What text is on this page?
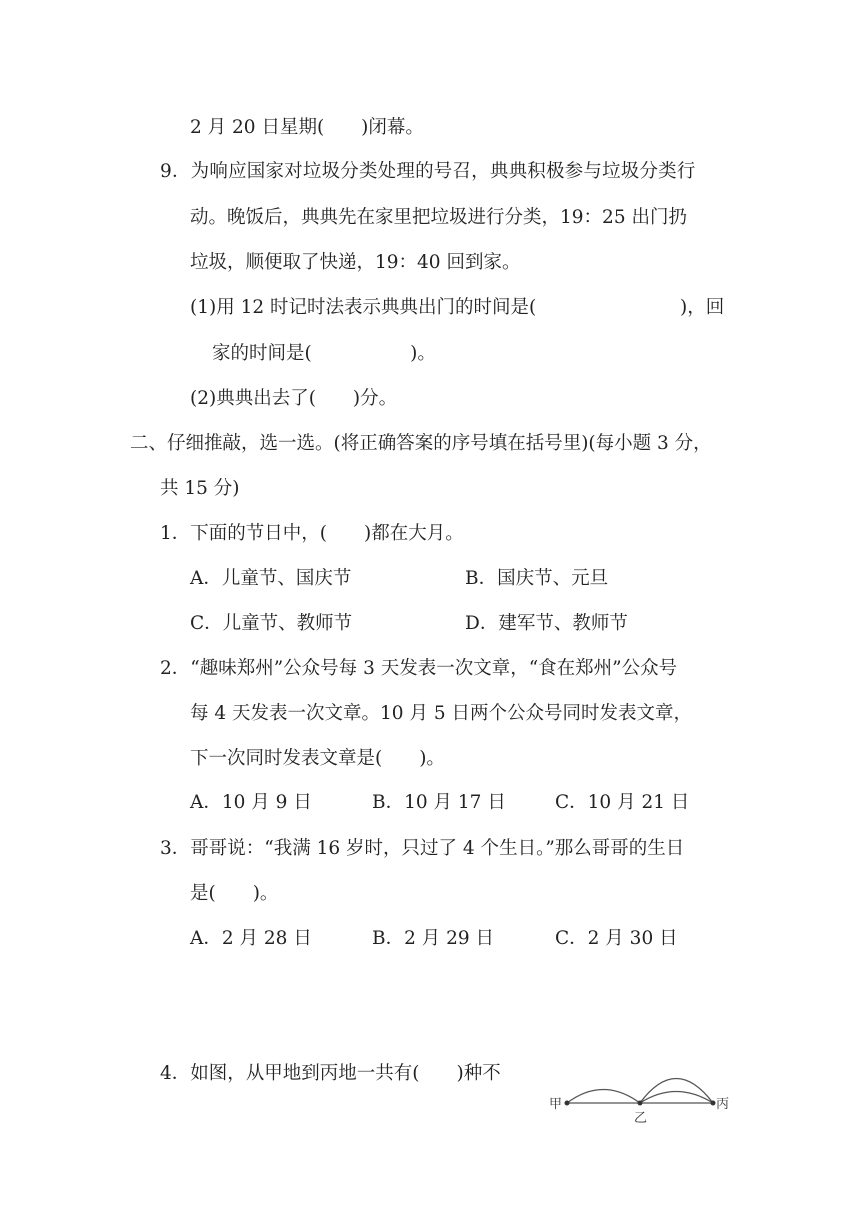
2 月 20 日星期(　　)闭幕。
9．为响应国家对垃圾分类处理的号召，典典积极参与垃圾分类行
动。晚饭后，典典先在家里把垃圾进行分类，19：25 出门扔
垃圾，顺便取了快递，19：40 回到家。
(1)用 12 时记时法表示典典出门的时间是(	)，回
家的时间是(　　　　　 )。
(2)典典出去了(　　)分。
二、仔细推敲，选一选。(将正确答案的序号填在括号里)(每小题 3 分，
共 15 分)
1．下面的节日中，(　　)都在大月。
A．儿童节、国庆节	B．国庆节、元旦
C．儿童节、教师节	D．建军节、教师节
2．“趣味郑州”公众号每 3 天发表一次文章，“食在郑州”公众号
每 4 天发表一次文章。10 月 5 日两个公众号同时发表文章，
下一次同时发表文章是(　　)。
A．10 月 9 日	B．10 月 17 日	C．10 月 21 日
3．哥哥说：“我满 16 岁时，只过了 4 个生日。”那么哥哥的生日
是(　　)。
A．2 月 28 日	B．2 月 29 日	C．2 月 30 日
4．如图，从甲地到丙地一共有(　　)种不
甲
乙
丙
